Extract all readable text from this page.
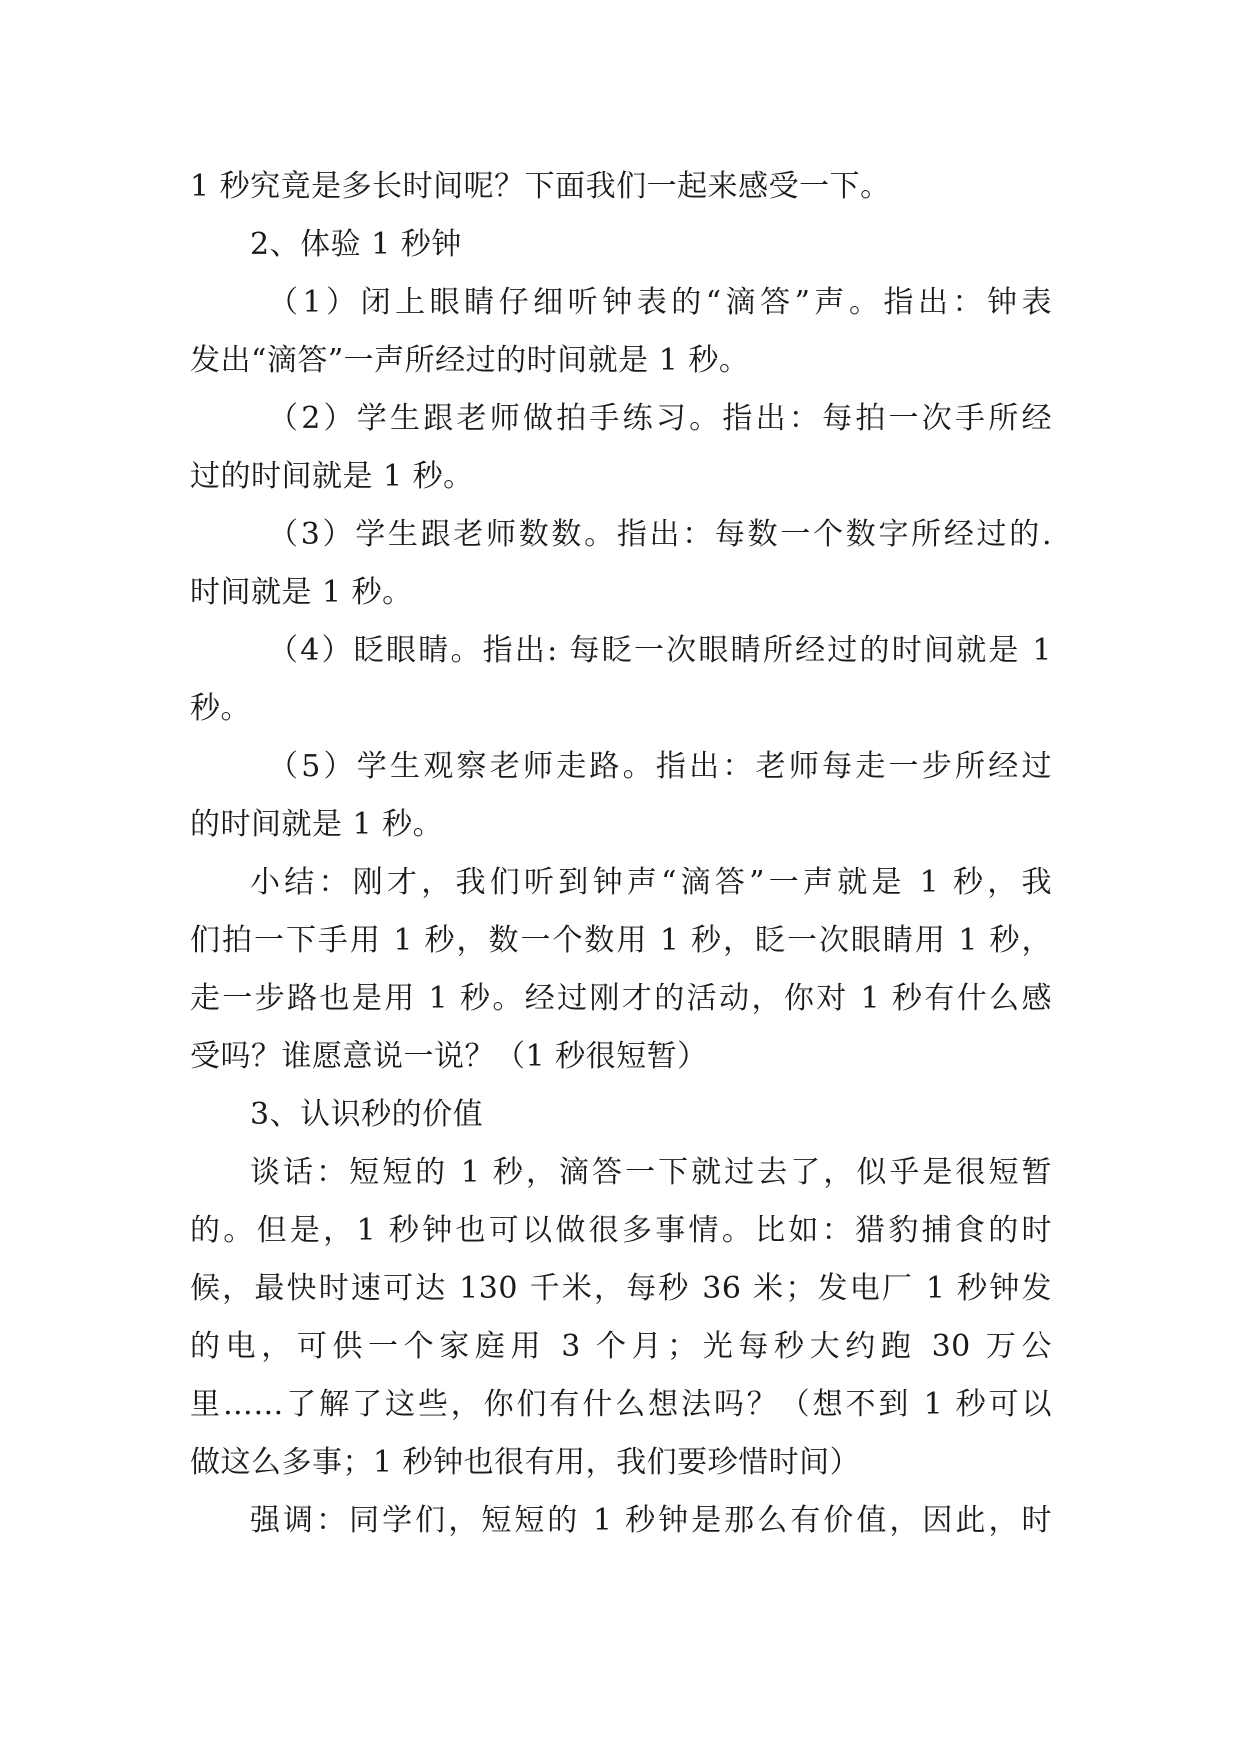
1 秒究竟是多长时间呢？下面我们一起来感受一下。
2、体验 1 秒钟
（1）闭上眼睛仔细听钟表的“滴答”声。指出：钟表
发出“滴答”一声所经过的时间就是 1 秒。
（2）学生跟老师做拍手练习。指出：每拍一次手所经
过的时间就是 1 秒。
（3）学生跟老师数数。指出：每数一个数字所经过的.
时间就是 1 秒。
（4）眨眼睛。指出: 每眨一次眼睛所经过的时间就是 1
秒。
（5）学生观察老师走路。指出：老师每走一步所经过
的时间就是 1 秒。
小结：刚才，我们听到钟声“滴答”一声就是 1 秒，我
们拍一下手用 1 秒，数一个数用 1 秒，眨一次眼睛用 1 秒，
走一步路也是用 1 秒。经过刚才的活动，你对 1 秒有什么感
受吗？谁愿意说一说？（1 秒很短暂）
3、认识秒的价值
谈话：短短的 1 秒，滴答一下就过去了，似乎是很短暂
的。但是，1 秒钟也可以做很多事情。比如：猎豹捕食的时
候，最快时速可达 130 千米，每秒 36 米；发电厂 1 秒钟发
的电，可供一个家庭用 3 个月；光每秒大约跑 30 万公
里……了解了这些，你们有什么想法吗？（想不到 1 秒可以
做这么多事；1 秒钟也很有用，我们要珍惜时间）
强调：同学们，短短的 1 秒钟是那么有价值，因此，时
